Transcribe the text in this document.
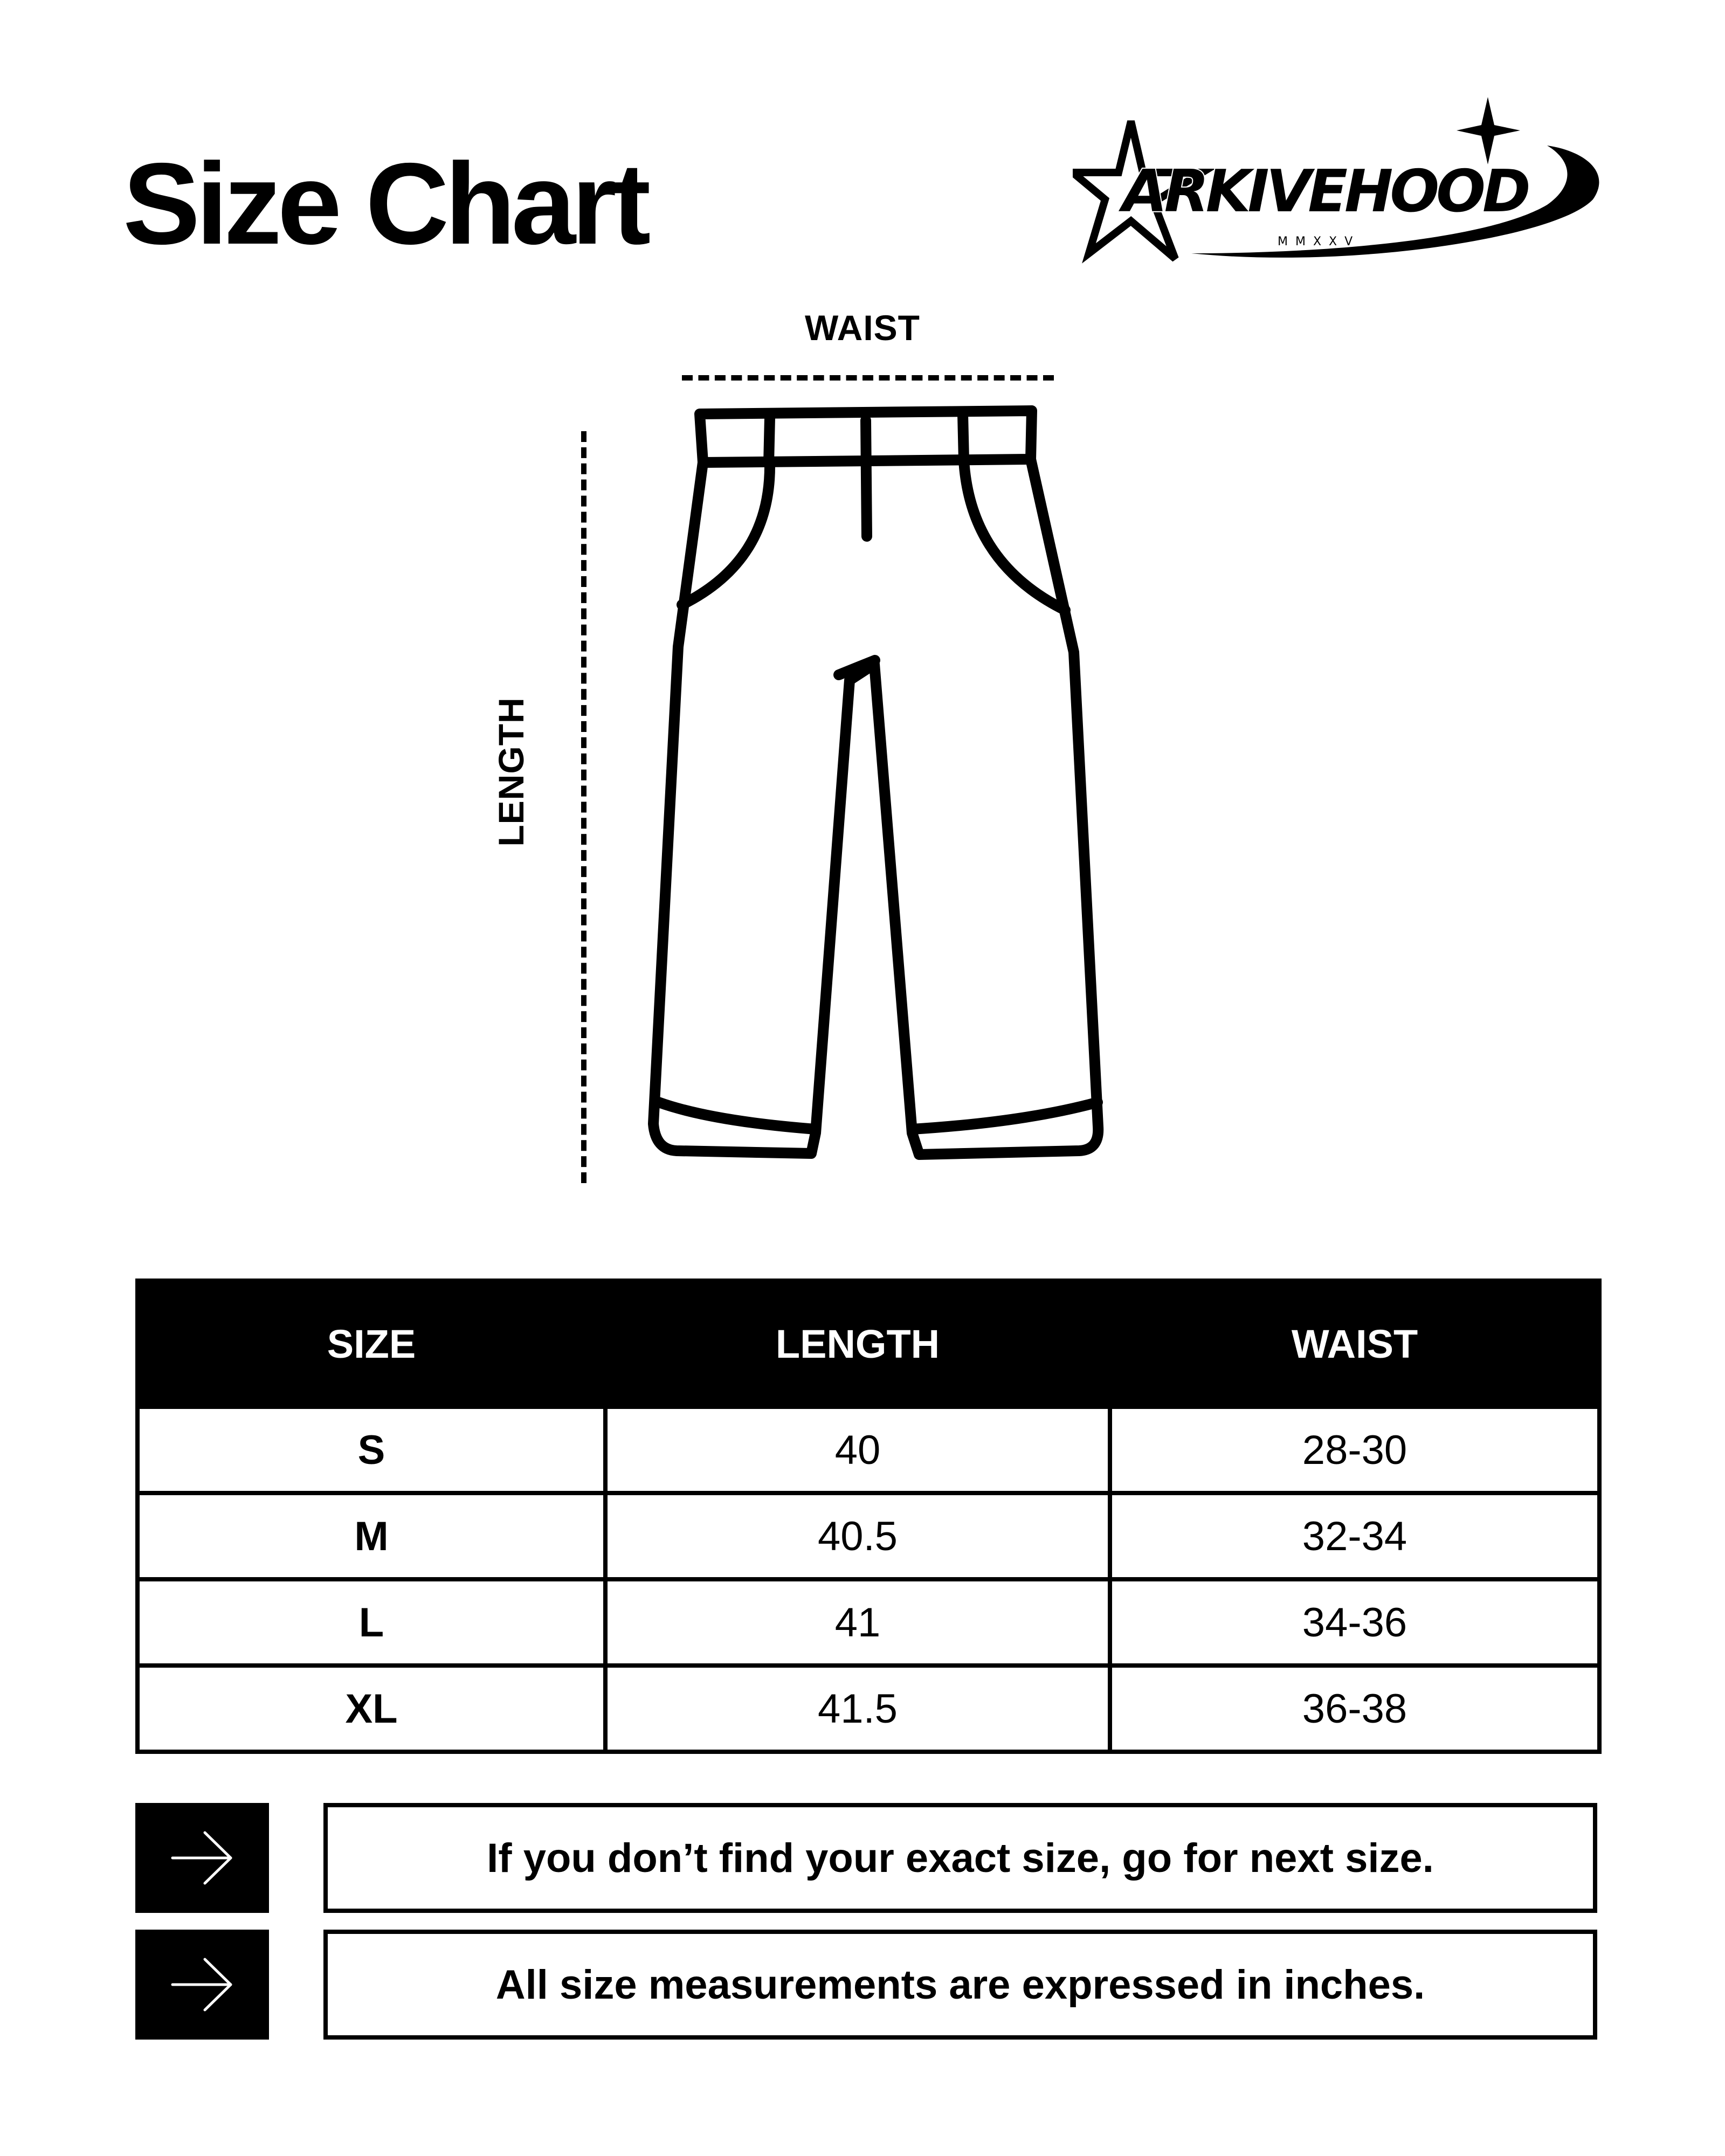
Size Chart	ARKIVEHOOD
MMXXV
WAIST
LENGTH
SIZE	LENGTH	WAIST
S	40	28-30
M	40.5	32-34
L	41	34-36
XL	41.5	36-38
If you don’t find your exact size, go for next size.
All size measurements are expressed in inches.
